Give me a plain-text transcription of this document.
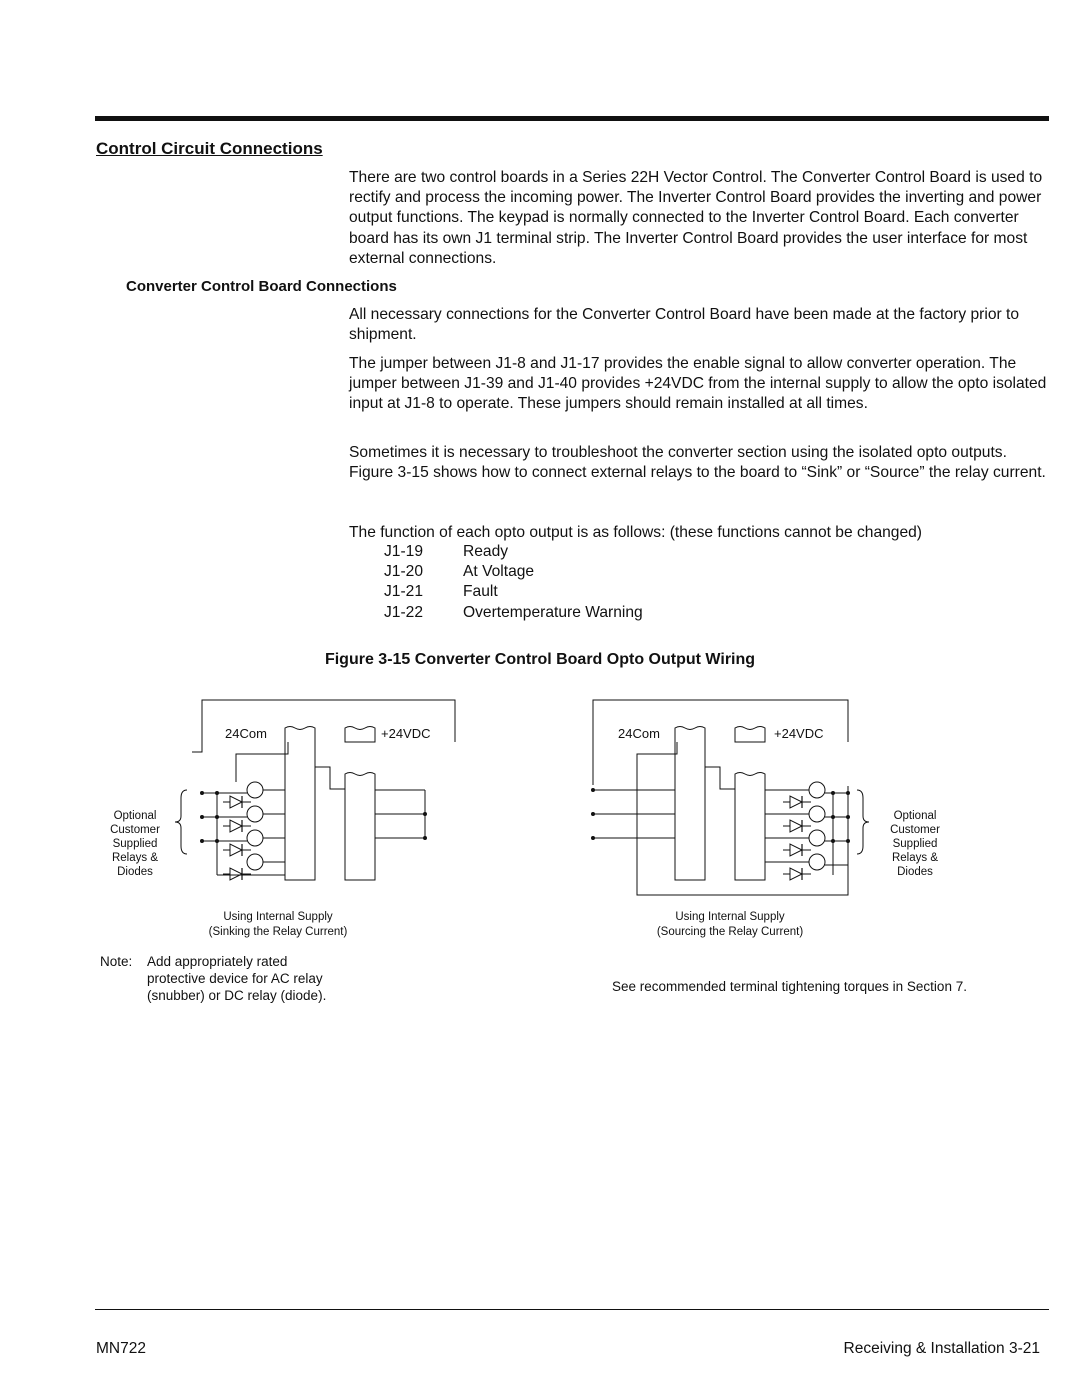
Control Circuit Connections

There are two control boards in a Series 22H Vector Control. The Converter Control Board is used to rectify and process the incoming power. The Inverter Control Board provides the inverting and power output functions. The keypad is normally connected to the Inverter Control Board. Each converter board has its own J1 terminal strip. The Inverter Control Board provides the user interface for most external connections.

Converter Control Board Connections

All necessary connections for the Converter Control Board have been made at the factory prior to shipment.

The jumper between J1-8 and J1-17 provides the enable signal to allow converter operation. The jumper between J1-39 and J1-40 provides +24VDC from the internal supply to allow the opto isolated input at J1-8 to operate. These jumpers should remain installed at all times.

Sometimes it is necessary to troubleshoot the converter section using the isolated opto outputs. Figure 3-15 shows how to connect external relays to the board to “Sink” or “Source” the relay current.

The function of each opto output is as follows: (these functions cannot be changed)

J1-19	Ready
J1-20	At Voltage
J1-21	Fault
J1-22	Overtemperature Warning

Figure 3-15 Converter Control Board Opto Output Wiring

24Com	+24VDC
Optional
Customer
Supplied
Relays &
Diodes
Using Internal Supply
(Sinking the Relay Current)
24Com	+24VDC
Optional
Customer
Supplied
Relays &
Diodes
Using Internal Supply
(Sourcing the Relay Current)
Note:	Add appropriately rated
protective device for AC relay
(snubber) or DC relay (diode).
See recommended terminal tightening torques in Section 7.
MN722	Receiving & Installation 3-21
